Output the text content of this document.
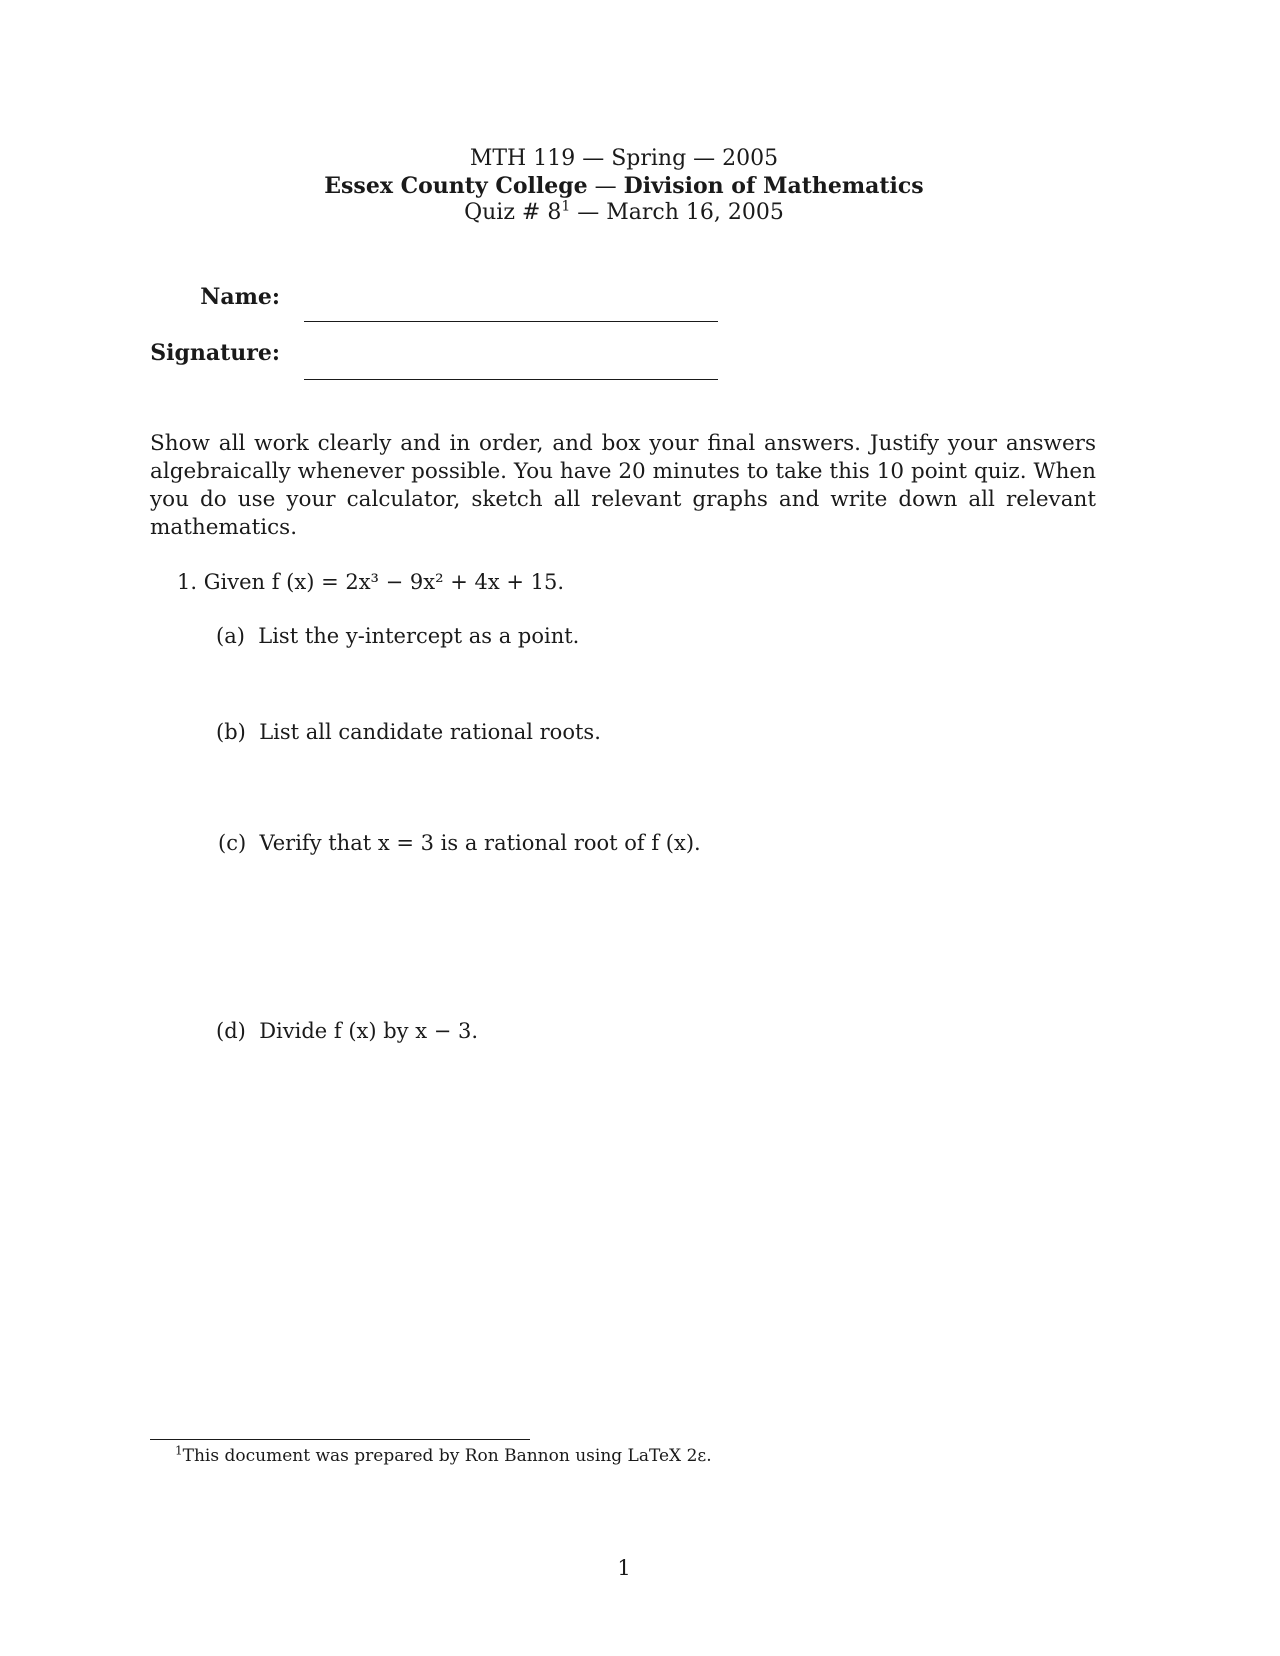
MTH 119 — Spring — 2005
Essex County College — Division of Mathematics
Quiz # $8^1$ — March 16, 2005
Name:
Signature:
Show all work clearly and in order, and box your final answers. Justify your answers algebraically whenever possible. You have 20 minutes to take this 10 point quiz. When you do use your calculator, sketch all relevant graphs and write down all relevant mathematics.
1. Given f (x) = 2x³ − 9x² + 4x + 15.
(a) List the y-intercept as a point.
(b) List all candidate rational roots.
(c) Verify that x = 3 is a rational root of f (x).
(d) Divide f (x) by x − 3.
$^1$This document was prepared by Ron Bannon using LaTeX 2ε.
1
